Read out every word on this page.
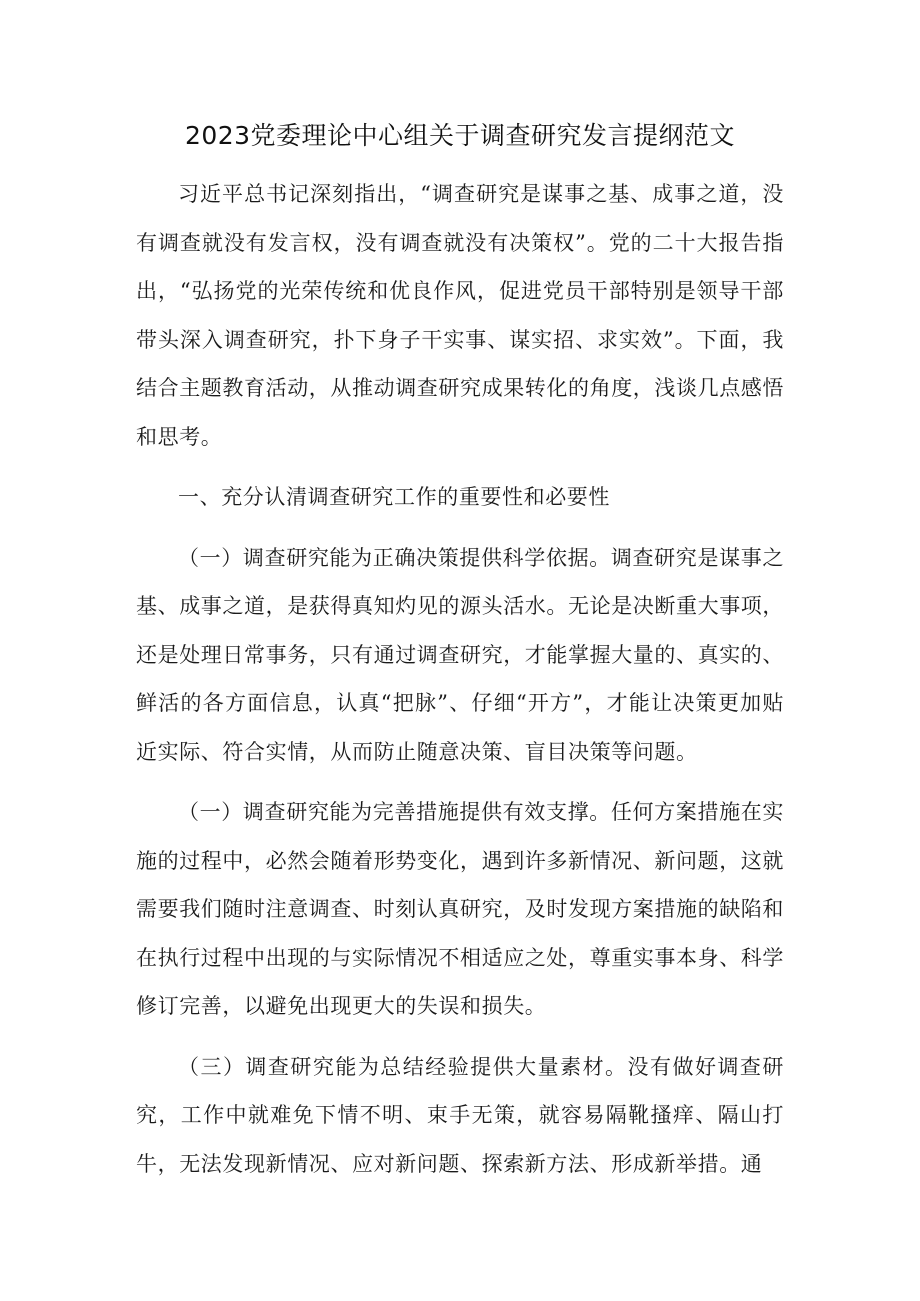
2023党委理论中心组关于调查研究发言提纲范文

习近平总书记深刻指出，“调查研究是谋事之基、成事之道，没有调查就没有发言权，没有调查就没有决策权”。党的二十大报告指出，“弘扬党的光荣传统和优良作风，促进党员干部特别是领导干部带头深入调查研究，扑下身子干实事、谋实招、求实效”。下面，我结合主题教育活动，从推动调查研究成果转化的角度，浅谈几点感悟和思考。

一、充分认清调查研究工作的重要性和必要性

（一）调查研究能为正确决策提供科学依据。调查研究是谋事之基、成事之道，是获得真知灼见的源头活水。无论是决断重大事项，还是处理日常事务，只有通过调查研究，才能掌握大量的、真实的、鲜活的各方面信息，认真“把脉”、仔细“开方”，才能让决策更加贴近实际、符合实情，从而防止随意决策、盲目决策等问题。

（一）调查研究能为完善措施提供有效支撑。任何方案措施在实施的过程中，必然会随着形势变化，遇到许多新情况、新问题，这就需要我们随时注意调查、时刻认真研究，及时发现方案措施的缺陷和在执行过程中出现的与实际情况不相适应之处，尊重实事本身、科学修订完善，以避免出现更大的失误和损失。

（三）调查研究能为总结经验提供大量素材。没有做好调查研究，工作中就难免下情不明、束手无策，就容易隔靴搔痒、隔山打牛，无法发现新情况、应对新问题、探索新方法、形成新举措。通
